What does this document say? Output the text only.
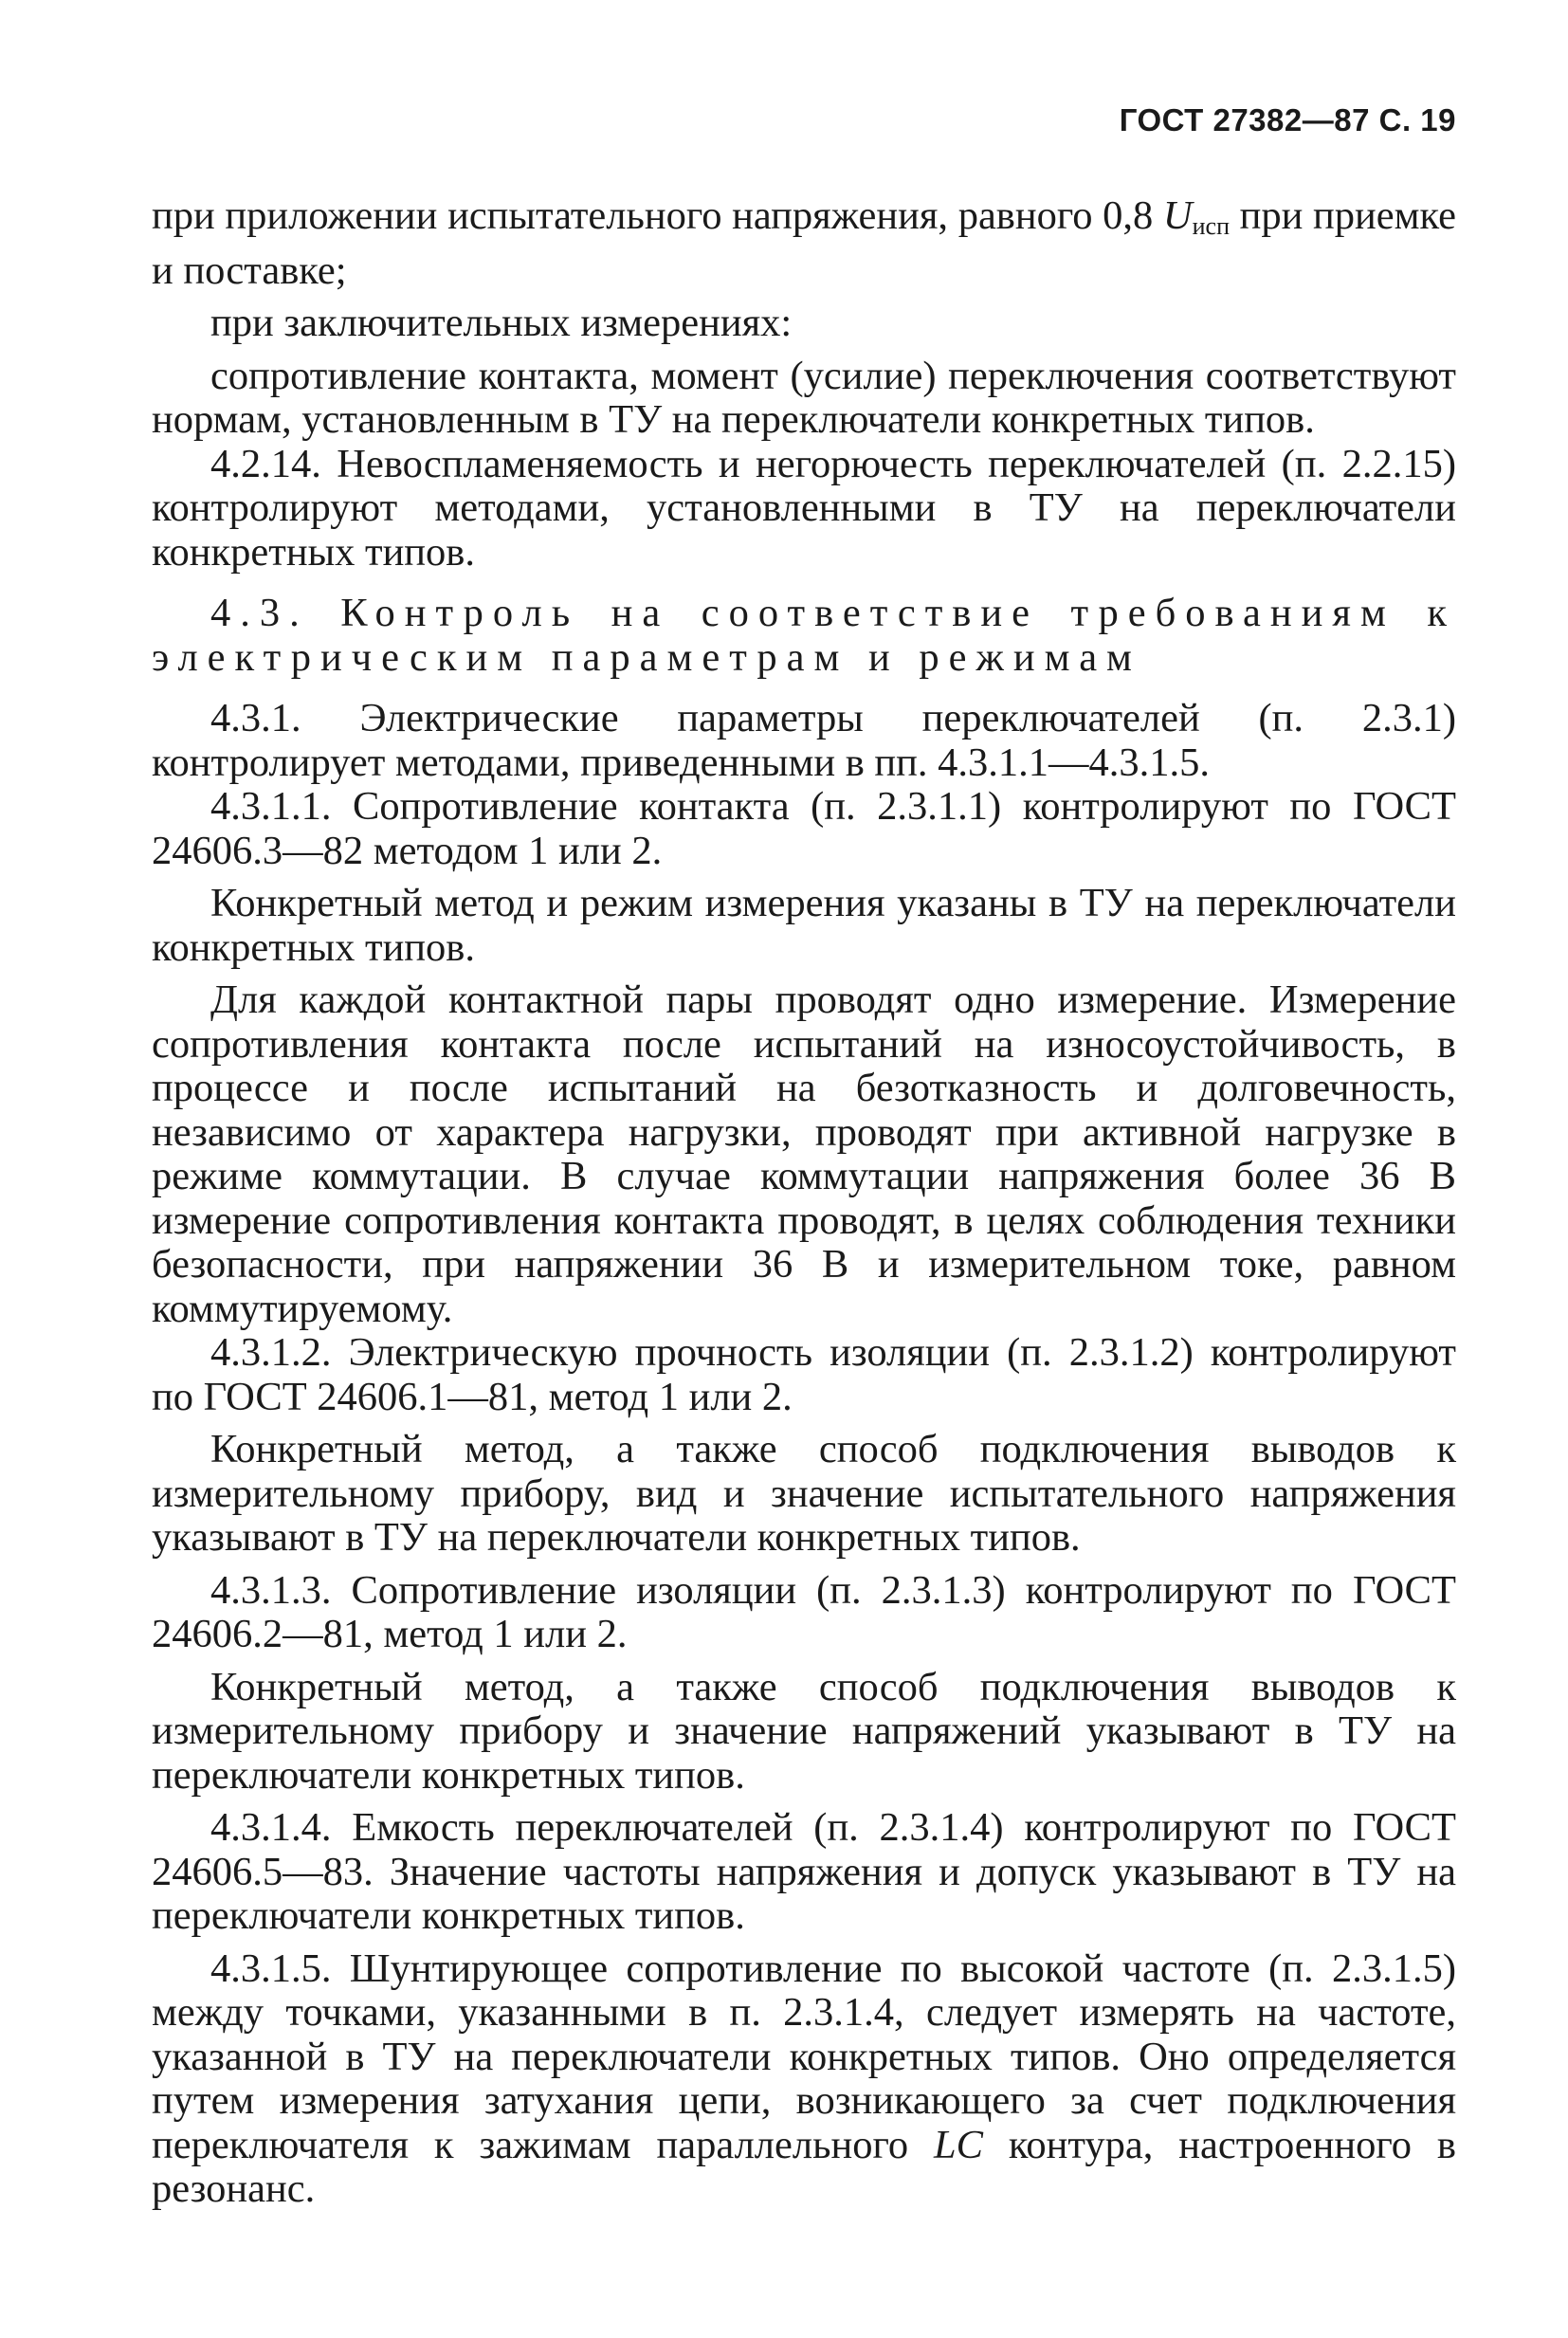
ГОСТ 27382—87 С. 19

при приложении испытательного напряжения, равного 0,8 Uисп при приемке и поставке;

при заключительных измерениях:

сопротивление контакта, момент (усилие) переключения соответствуют нормам, установленным в ТУ на переключатели конкретных типов.

4.2.14. Невоспламеняемость и негорючесть переключателей (п. 2.2.15) контролируют методами, установленными в ТУ на переключатели конкретных типов.

4.3. Контроль на соответствие требованиям к электрическим параметрам и режимам

4.3.1. Электрические параметры переключателей (п. 2.3.1) контролирует методами, приведенными в пп. 4.3.1.1—4.3.1.5.

4.3.1.1. Сопротивление контакта (п. 2.3.1.1) контролируют по ГОСТ 24606.3—82 методом 1 или 2.

Конкретный метод и режим измерения указаны в ТУ на переключатели конкретных типов.

Для каждой контактной пары проводят одно измерение. Измерение сопротивления контакта после испытаний на износоустойчивость, в процессе и после испытаний на безотказность и долговечность, независимо от характера нагрузки, проводят при активной нагрузке в режиме коммутации. В случае коммутации напряжения более 36 В измерение сопротивления контакта проводят, в целях соблюдения техники безопасности, при напряжении 36 В и измерительном токе, равном коммутируемому.

4.3.1.2. Электрическую прочность изоляции (п. 2.3.1.2) контролируют по ГОСТ 24606.1—81, метод 1 или 2.

Конкретный метод, а также способ подключения выводов к измерительному прибору, вид и значение испытательного напряжения указывают в ТУ на переключатели конкретных типов.

4.3.1.3. Сопротивление изоляции (п. 2.3.1.3) контролируют по ГОСТ 24606.2—81, метод 1 или 2.

Конкретный метод, а также способ подключения выводов к измерительному прибору и значение напряжений указывают в ТУ на переключатели конкретных типов.

4.3.1.4. Емкость переключателей (п. 2.3.1.4) контролируют по ГОСТ 24606.5—83. Значение частоты напряжения и допуск указывают в ТУ на переключатели конкретных типов.

4.3.1.5. Шунтирующее сопротивление по высокой частоте (п. 2.3.1.5) между точками, указанными в п. 2.3.1.4, следует измерять на частоте, указанной в ТУ на переключатели конкретных типов. Оно определяется путем измерения затухания цепи, возникающего за счет подключения переключателя к зажимам параллельного LC контура, настроенного в резонанс.
